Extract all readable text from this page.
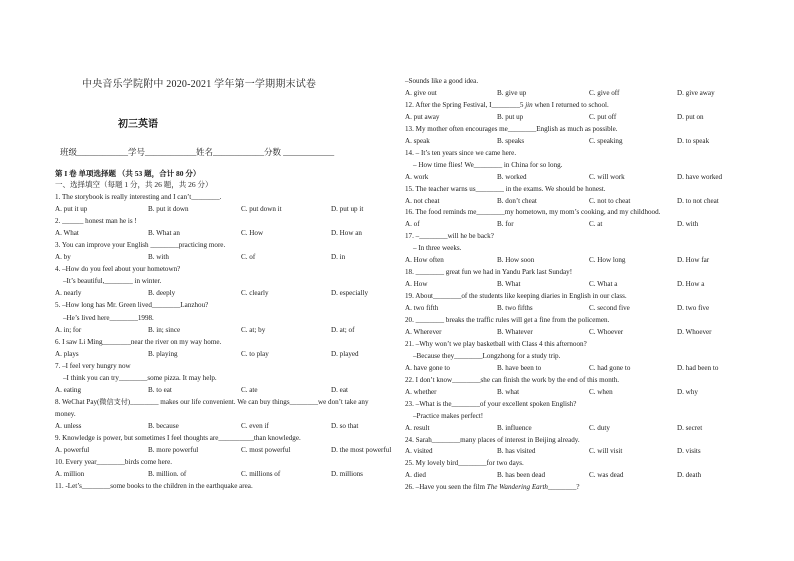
中央音乐学院附中 2020-2021 学年第一学期期末试卷
初三英语
班级____________学号____________姓名____________分数 ____________
第 I 卷 单项选择题 （共 53 题，合计 80 分）
一、选择填空（每题 1 分，共 26 题，共 26 分）
1. The storybook is really interesting and I can’t________.
A. put it up	B. put it down	C. put down it	D. put up it
2. ______ honest man he is !
A. What	B. What an	C. How	D. How an
3. You can improve your English ________practicing more.
A. by	B. with	C. of	D. in
4. –How do you feel about your hometown?
–It’s beautiful,________ in winter.
A. nearly	B. deeply	C. clearly	D. especially
5. –How long has Mr. Green lived________Lanzhou?
–He’s lived here________1998.
A. in; for	B. in; since	C. at; by	D. at; of
6. I saw Li Ming________near the river on my way home.
A. plays	B. playing	C. to play	D. played
7. –I feel very hungry now
–I think you can try________some pizza. It may help.
A. eating	B. to eat	C. ate	D. eat
8. WeChat Pay(微信支付)________ makes our life convenient. We can buy things________we don’t take any
money.
A. unless	B. because	C. even if	D. so that
9. Knowledge is power, but sometimes I feel thoughts are__________than knowledge.
A. powerful	B. more powerful	C. most powerful	D. the most powerful
10. Every year________birds come here.
A. million	B. million. of	C. millions of	D. millions
11. -Let’s________some books to the children in the earthquake area.
–Sounds like a good idea.
A. give out	B. give up	C. give off	D. give away
12. After the Spring Festival, I________5 jin when I returned to school.
A. put away	B. put up	C. put off	D. put on
13. My mother often encourages me________English as much as possible.
A. speak	B. speaks	C. speaking	D. to speak
14. – It’s ten years since we came here.
– How time flies! We________ in China for so long.
A. work	B. worked	C. will work	D. have worked
15. The teacher warns us________ in the exams. We should be honest.
A. not cheat	B. don’t cheat	C. not to cheat	D. to not cheat
16. The food reminds me________my hometown, my mom’s cooking, and my childhood.
A. of	B. for	C. at	D. with
17. –________will he be back?
– In three weeks.
A. How often	B. How soon	C. How long	D. How far
18. ________ great fun we had in Yandu Park last Sunday!
A. How	B. What	C. What a	D. How a
19. About________of the students like keeping diaries in English in our class.
A. two fifth	B. two fifths	C. second five	D. two five
20. ________ breaks the traffic rules will get a fine from the policemen.
A. Wherever	B. Whatever	C. Whoever	D. Whoever
21. –Why won’t we play basketball with Class 4 this afternoon?
–Because they________Longzhong for a study trip.
A. have gone to	B. have been to	C. had gone to	D. had been to
22. I don’t know________she can finish the work by the end of this month.
A. whether	B. what	C. when	D. why
23. –What is the________of your excellent spoken English?
–Practice makes perfect!
A. result	B. influence	C. duty	D. secret
24. Sarah________many places of interest in Beijing already.
A. visited	B. has visited	C. will visit	D. visits
25. My lovely bird________for two days.
A. died	B. has been dead	C. was dead	D. death
26. –Have you seen the film The Wandering Earth________?
